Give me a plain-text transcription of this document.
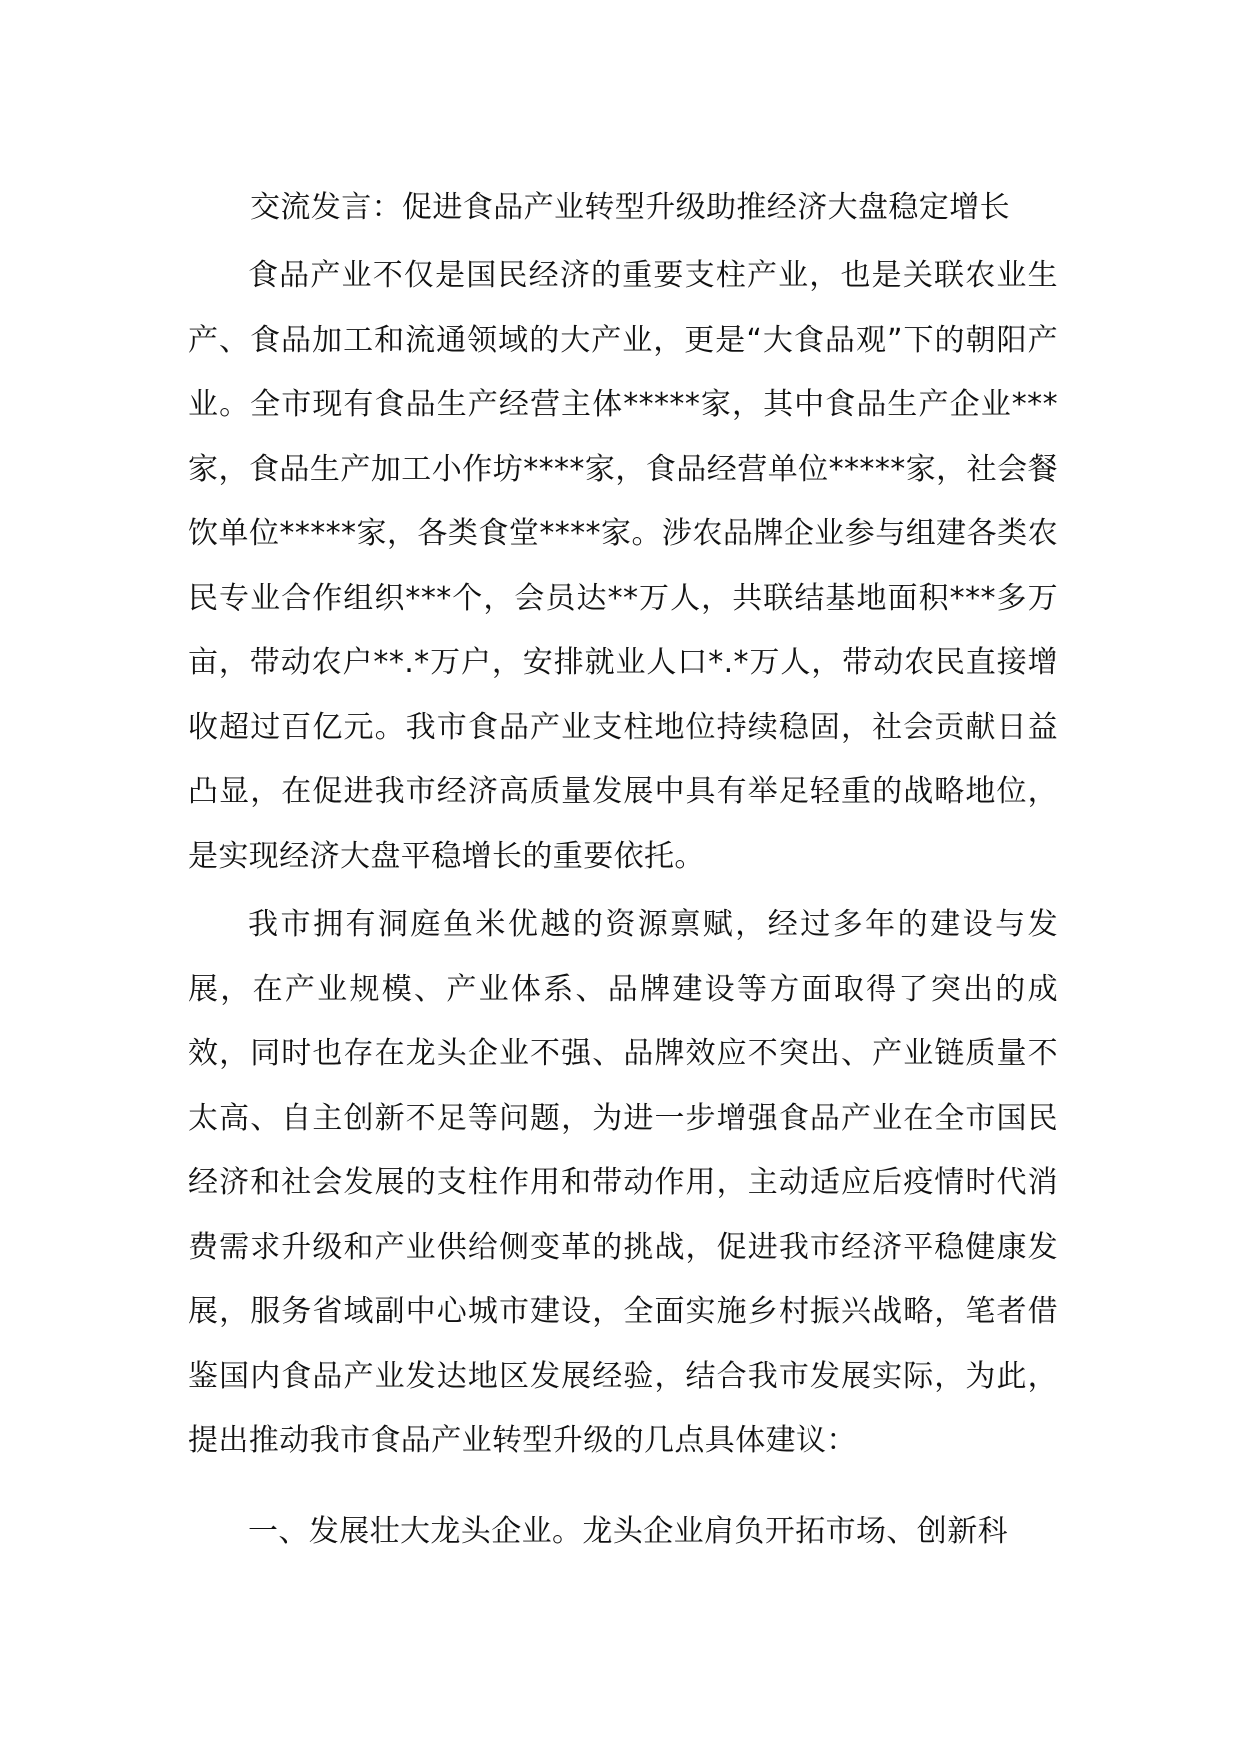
交流发言：促进食品产业转型升级助推经济大盘稳定增长

食品产业不仅是国民经济的重要支柱产业，也是关联农业生产、食品加工和流通领域的大产业，更是“大食品观”下的朝阳产业。全市现有食品生产经营主体*****家，其中食品生产企业***家，食品生产加工小作坊****家，食品经营单位*****家，社会餐饮单位*****家，各类食堂****家。涉农品牌企业参与组建各类农民专业合作组织***个，会员达**万人，共联结基地面积***多万亩，带动农户**.*万户，安排就业人口*.*万人，带动农民直接增收超过百亿元。我市食品产业支柱地位持续稳固，社会贡献日益凸显，在促进我市经济高质量发展中具有举足轻重的战略地位，是实现经济大盘平稳增长的重要依托。

我市拥有洞庭鱼米优越的资源禀赋，经过多年的建设与发展，在产业规模、产业体系、品牌建设等方面取得了突出的成效，同时也存在龙头企业不强、品牌效应不突出、产业链质量不太高、自主创新不足等问题，为进一步增强食品产业在全市国民经济和社会发展的支柱作用和带动作用，主动适应后疫情时代消费需求升级和产业供给侧变革的挑战，促进我市经济平稳健康发展，服务省域副中心城市建设，全面实施乡村振兴战略，笔者借鉴国内食品产业发达地区发展经验，结合我市发展实际，为此，提出推动我市食品产业转型升级的几点具体建议：

一、发展壮大龙头企业。龙头企业肩负开拓市场、创新科
